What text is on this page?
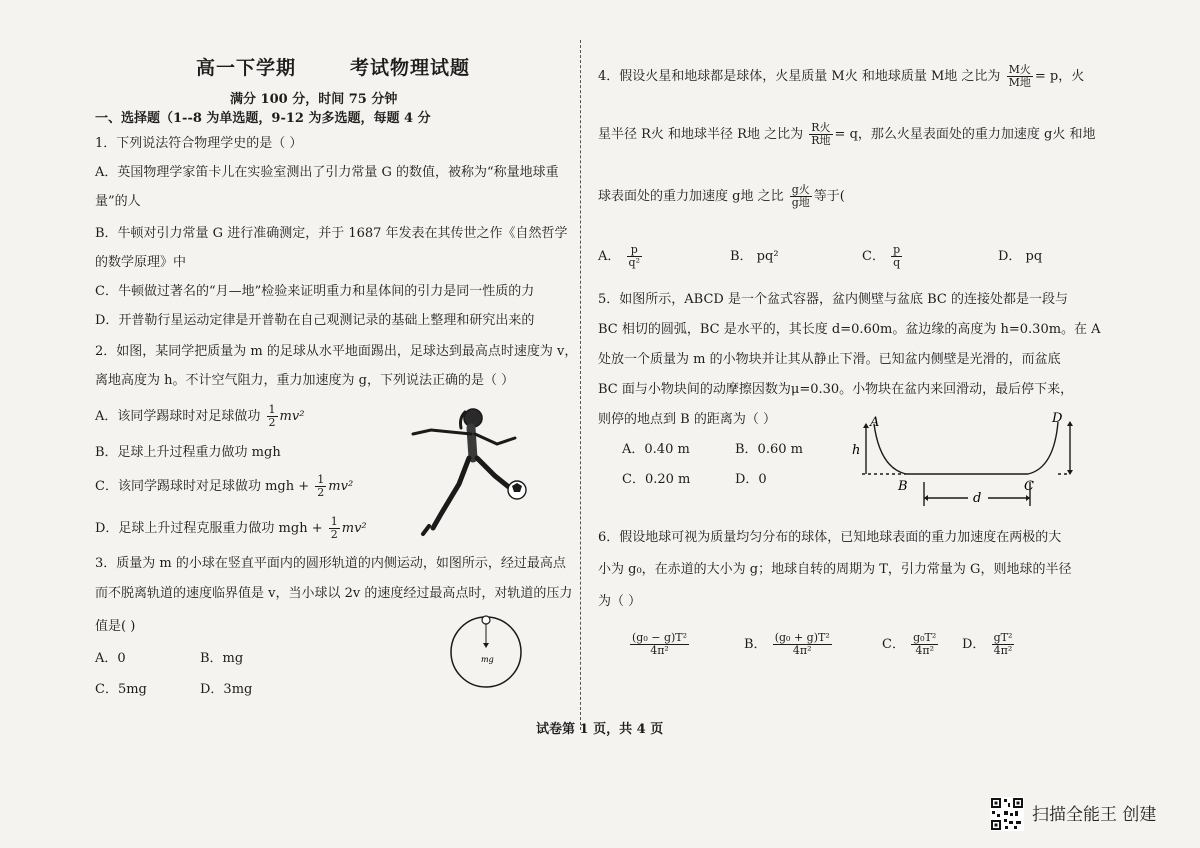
高一下学期	考试物理试题
满分 100 分，时间 75 分钟
一、选择题（1--8 为单选题，9-12 为多选题，每题 4 分
1．下列说法符合物理学史的是（ ）
A．英国物理学家笛卡儿在实验室测出了引力常量 G 的数值，被称为“称量地球重
量”的人
B．牛顿对引力常量 G 进行准确测定，并于 1687 年发表在其传世之作《自然哲学
的数学原理》中
C．牛顿做过著名的“月—地”检验来证明重力和星体间的引力是同一性质的力
D．开普勒行星运动定律是开普勒在自己观测记录的基础上整理和研究出来的
2．如图，某同学把质量为 m 的足球从水平地面踢出，足球达到最高点时速度为 v，
离地高度为 h。不计空气阻力，重力加速度为 g，下列说法正确的是（ ）
A．该同学踢球时对足球做功 $\frac{1}{2} mv^2$
B．足球上升过程重力做功 mgh
C．该同学踢球时对足球做功 mgh + $\frac{1}{2} mv^2$
D．足球上升过程克服重力做功 mgh + $\frac{1}{2} mv^2$
3．质量为 m 的小球在竖直平面内的圆形轨道的内侧运动，如图所示，经过最高点
而不脱离轨道的速度临界值是 v，当小球以 2v 的速度经过最高点时，对轨道的压力
值是( )
A．0	B．mg
C．5mg	D．3mg
mg
4．假设火星和地球都是球体，火星质量 M火 和地球质量 M地 之比为 $\frac{\text{M火}}{\text{M地}} = p$，火
星半径 R火 和地球半径 R地 之比为 $\frac{\text{R火}}{\text{R地}} = q$，那么火星表面处的重力加速度 g火 和地
球表面处的重力加速度 g地 之比 $\frac{\text{g火}}{\text{g地}}$ 等于(
A． $\frac{p}{\text{q²}}$	B． pq²	C． $\frac{p}{q}$	D． pq
5．如图所示，ABCD 是一个盆式容器，盆内侧壁与盆底 BC 的连接处都是一段与
BC 相切的圆弧，BC 是水平的，其长度 d=0.60m。盆边缘的高度为 h=0.30m。在 A
处放一个质量为 m 的小物块并让其从静止下滑。已知盆内侧壁是光滑的，而盆底
BC 面与小物块间的动摩擦因数为μ=0.30。小物块在盆内来回滑动，最后停下来，
则停的地点到 B 的距离为（ ）
A．0.40 m	B．0.60 m
C．0.20 m	D．0
A
B	C
D
h
d
6．假设地球可视为质量均匀分布的球体，已知地球表面的重力加速度在两极的大
小为 g₀，在赤道的大小为 g；地球自转的周期为 T，引力常量为 G，则地球的半径
为（ ）
$\frac{\text{(g₀ − g)T²}}{\text{4π²}}$	B． $\frac{\text{(g₀ + g)T²}}{\text{4π²}}$	C． $\frac{\text{g₀T²}}{\text{4π²}}$ D． $\frac{\text{gT²}}{\text{4π²}}$
试卷第 1 页，共 4 页
扫描全能王 创建
